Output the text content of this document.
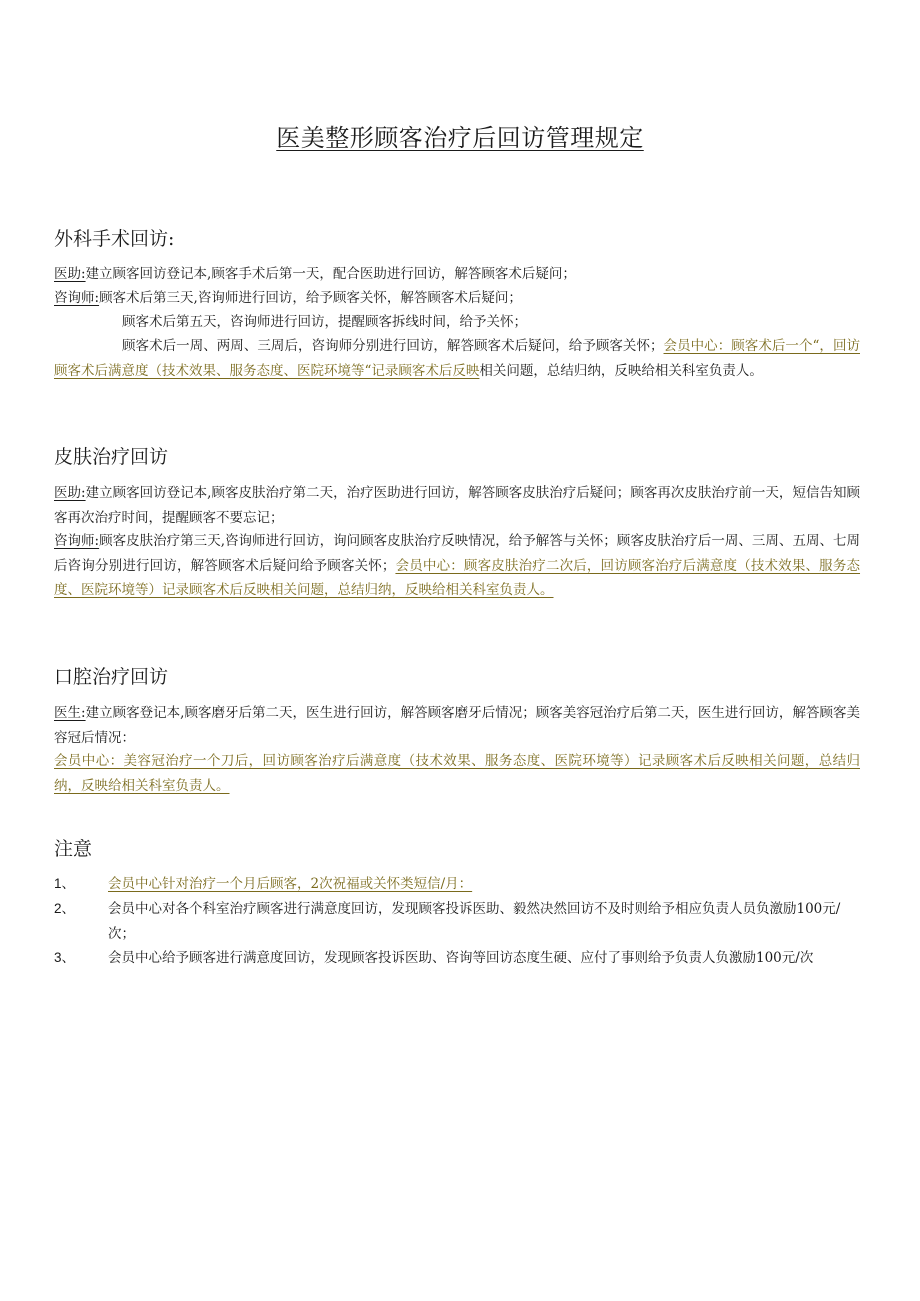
医美整形顾客治疗后回访管理规定
外科手术回访:
医助:建立顾客回访登记本,顾客手术后第一天，配合医助进行回访，解答顾客术后疑问；
咨询师:顾客术后第三天,咨询师进行回访，给予顾客关怀，解答顾客术后疑问；
顾客术后第五天，咨询师进行回访，提醒顾客拆线时间，给予关怀；
顾客术后一周、两周、三周后，咨询师分别进行回访，解答顾客术后疑问，给予顾客关怀；会员中心：顾客术后一个“，回访顾客术后满意度（技术效果、服务态度、医院环境等“记录顾客术后反映相关问题，总结归纳，反映给相关科室负责人。
皮肤治疗回访
医助:建立顾客回访登记本,顾客皮肤治疗第二天，治疗医助进行回访，解答顾客皮肤治疗后疑问；顾客再次皮肤治疗前一天，短信告知顾客再次治疗时间，提醒顾客不要忘记；
咨询师:顾客皮肤治疗第三天,咨询师进行回访，询问顾客皮肤治疗反映情况，给予解答与关怀；顾客皮肤治疗后一周、三周、五周、七周后咨询分别进行回访，解答顾客术后疑问给予顾客关怀；会员中心：顾客皮肤治疗二次后，回访顾客治疗后满意度（技术效果、服务态度、医院环境等）记录顾客术后反映相关问题，总结归纳，反映给相关科室负责人。
口腔治疗回访
医生:建立顾客登记本,顾客磨牙后第二天，医生进行回访，解答顾客磨牙后情况；顾客美容冠治疗后第二天，医生进行回访，解答顾客美容冠后情况：
会员中心：美容冠治疗一个刀后，回访顾客治疗后满意度（技术效果、服务态度、医院环境等）记录顾客术后反映相关问题，总结归纳，反映给相关科室负责人。
注意
1、 会员中心针对治疗一个月后顾客，2次祝福或关怀类短信/月：
2、 会员中心对各个科室治疗顾客进行满意度回访，发现顾客投诉医助、毅然决然回访不及时则给予相应负责人员负激励100元/次；
3、 会员中心给予顾客进行满意度回访，发现顾客投诉医助、咨询等回访态度生硬、应付了事则给予负责人负激励100元/次
